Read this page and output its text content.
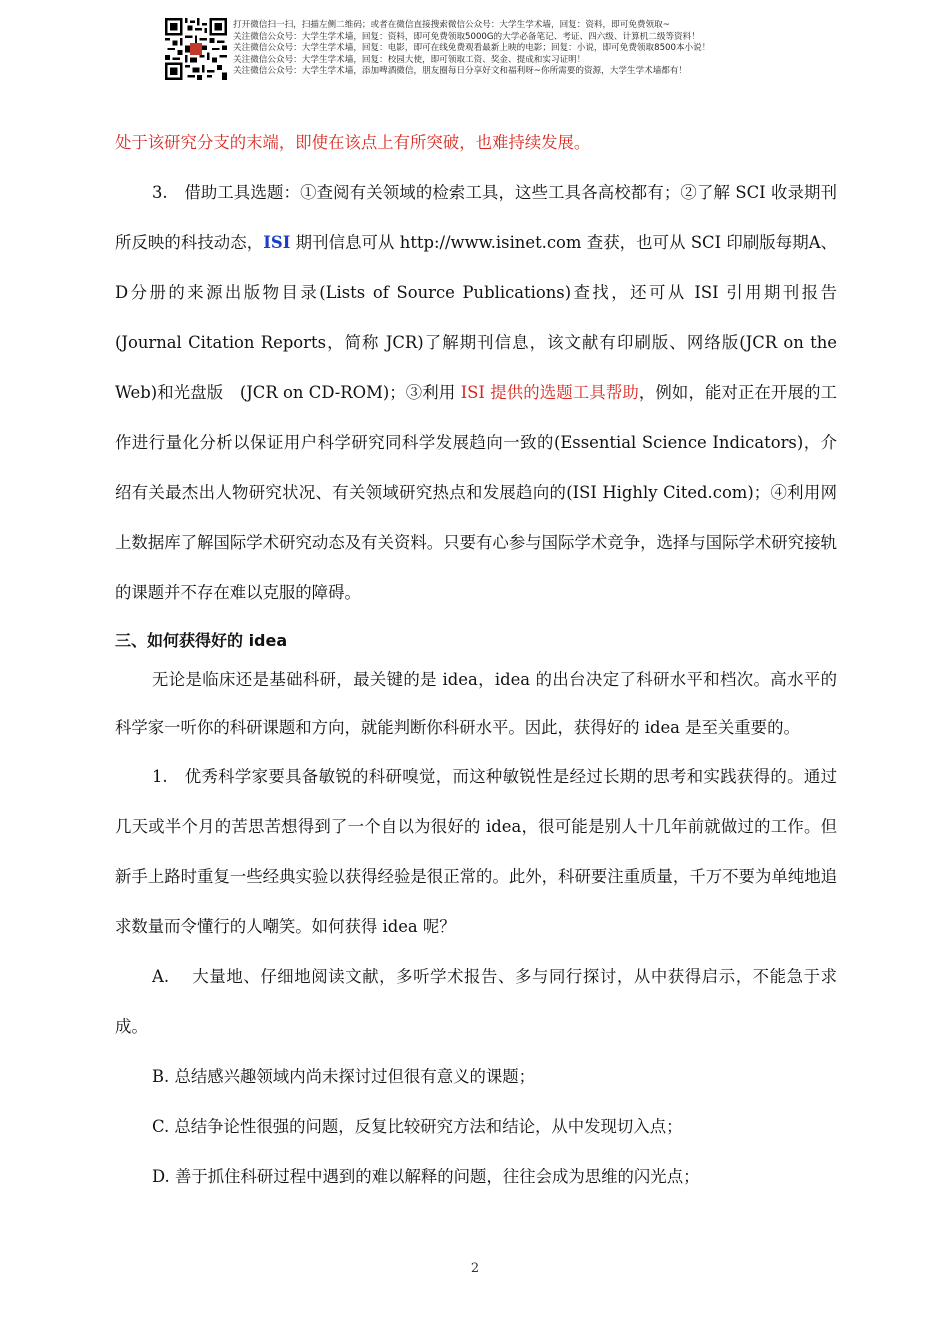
打开微信扫一扫，扫描左侧二维码；或者在微信直接搜索微信公众号：大学生学术墙，回复：资料，即可免费领取~
关注微信公众号：大学生学术墙，回复：资料，即可免费领取5000G的大学必备笔记、考证、四六级、计算机二级等资料！
关注微信公众号：大学生学术墙，回复：电影，即可在线免费观看最新上映的电影；回复：小说，即可免费领取8500本小说！
关注微信公众号：大学生学术墙，回复：校园大使，即可领取工资、奖金、提成和实习证明！
关注微信公众号：大学生学术墙，添加啤酒微信，朋友圈每日分享好文和福利呀~你所需要的资源，大学生学术墙都有！

处于该研究分支的末端，即使在该点上有所突破，也难持续发展。

3.　借助工具选题：①查阅有关领域的检索工具，这些工具各高校都有；②了解 SCI 收录期刊所反映的科技动态，ISI 期刊信息可从 http://www.isinet.com 查获，也可从 SCI 印刷版每期A、D分册的来源出版物目录(Lists of Source Publications)查找，还可从 ISI 引用期刊报告　(Journal Citation Reports，简称 JCR)了解期刊信息，该文献有印刷版、网络版(JCR on the Web)和光盘版　(JCR on CD-ROM)；③利用 ISI 提供的选题工具帮助，例如，能对正在开展的工作进行量化分析以保证用户科学研究同科学发展趋向一致的(Essential Science Indicators)，介绍有关最杰出人物研究状况、有关领域研究热点和发展趋向的(ISI Highly Cited.com)；④利用网上数据库了解国际学术研究动态及有关资料。只要有心参与国际学术竞争，选择与国际学术研究接轨的课题并不存在难以克服的障碍。

三、如何获得好的 idea

无论是临床还是基础科研，最关键的是 idea，idea 的出台决定了科研水平和档次。高水平的科学家一听你的科研课题和方向，就能判断你科研水平。因此，获得好的 idea 是至关重要的。

1.　优秀科学家要具备敏锐的科研嗅觉，而这种敏锐性是经过长期的思考和实践获得的。通过几天或半个月的苦思苦想得到了一个自以为很好的 idea，很可能是别人十几年前就做过的工作。但新手上路时重复一些经典实验以获得经验是很正常的。此外，科研要注重质量，千万不要为单纯地追求数量而令懂行的人嘲笑。如何获得 idea 呢？

A.　 大量地、仔细地阅读文献，多听学术报告、多与同行探讨，从中获得启示，不能急于求成。

B. 总结感兴趣领域内尚未探讨过但很有意义的课题；

C. 总结争论性很强的问题，反复比较研究方法和结论，从中发现切入点；

D. 善于抓住科研过程中遇到的难以解释的问题，往往会成为思维的闪光点；

2
